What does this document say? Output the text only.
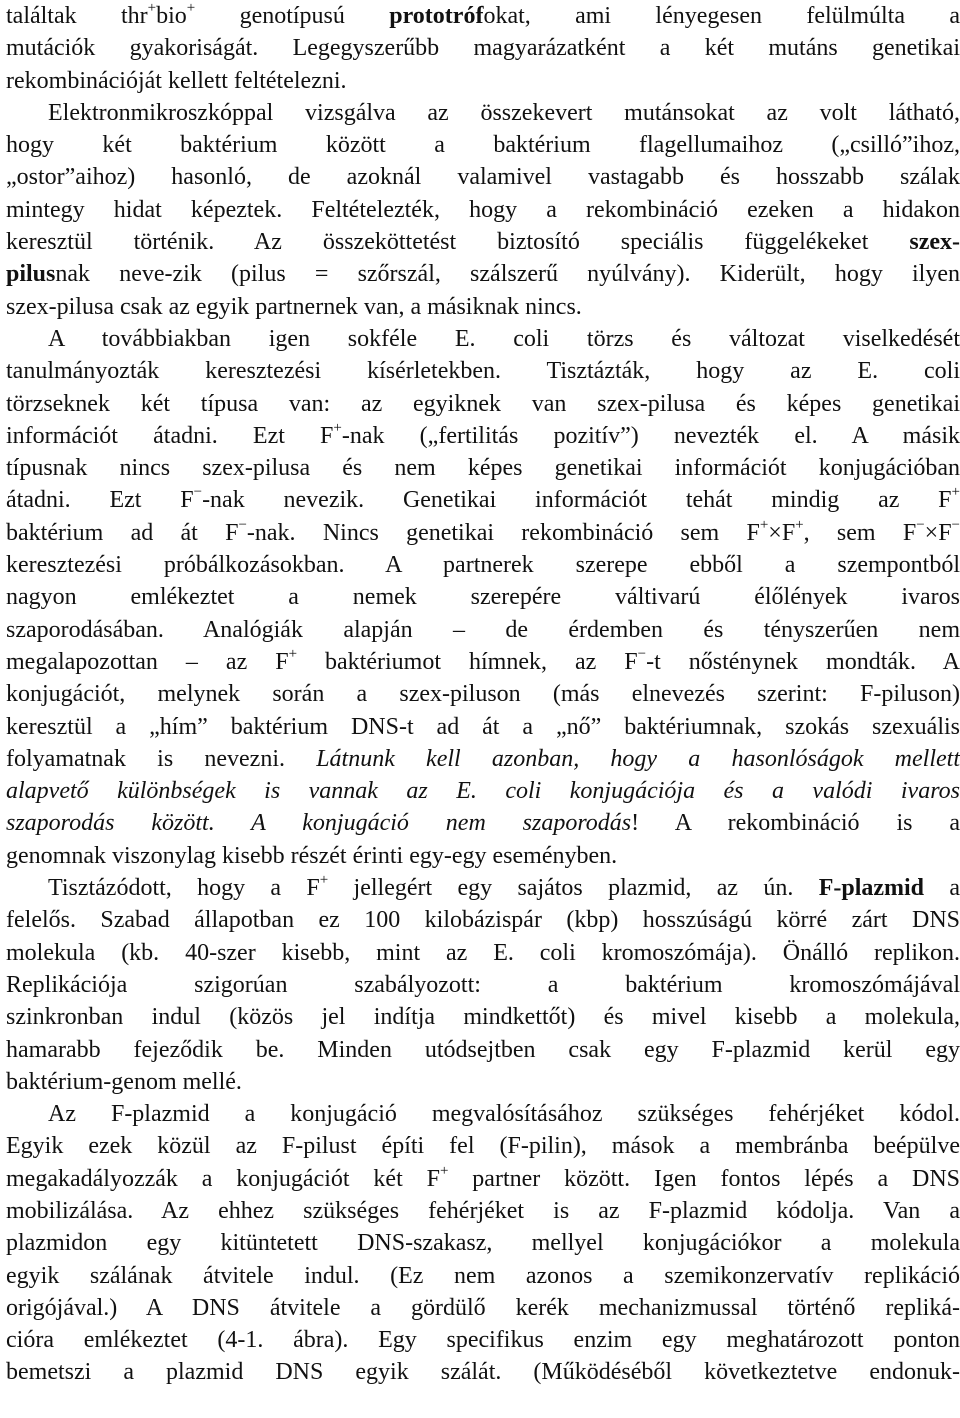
találtak thr+bio+ genotípusú prototrófokat, ami lényegesen felülmúlta a
mutációk gyakoriságát. Legegyszerűbb magyarázatként a két mutáns genetikai
rekombinációját kellett feltételezni.
Elektronmikroszkóppal vizsgálva az összekevert mutánsokat az volt látható,
hogy két baktérium között a baktérium flagellumaihoz („csilló”ihoz,
„ostor”aihoz) hasonló, de azoknál valamivel vastagabb és hosszabb szálak
mintegy hidat képeztek. Feltételezték, hogy a rekombináció ezeken a hidakon
keresztül történik. Az összeköttetést biztosító speciális függelékeket szex-
pilusnak neve-zik (pilus = szőrszál, szálszerű nyúlvány). Kiderült, hogy ilyen
szex-pilusa csak az egyik partnernek van, a másiknak nincs.
A továbbiakban igen sokféle E. coli törzs és változat viselkedését
tanulmányozták keresztezési kísérletekben. Tisztázták, hogy az E. coli
törzseknek két típusa van: az egyiknek van szex-pilusa és képes genetikai
információt átadni. Ezt F+-nak („fertilitás pozitív”) nevezték el. A másik
típusnak nincs szex-pilusa és nem képes genetikai információt konjugációban
átadni. Ezt F−-nak nevezik. Genetikai információt tehát mindig az F+
baktérium ad át F−-nak. Nincs genetikai rekombináció sem F+×F+, sem F−×F−
keresztezési próbálkozásokban. A partnerek szerepe ebből a szempontból
nagyon emlékeztet a nemek szerepére váltivarú élőlények ivaros
szaporodásában. Analógiák alapján – de érdemben és tényszerűen nem
megalapozottan – az F+ baktériumot hímnek, az F−-t nősténynek mondták. A
konjugációt, melynek során a szex-piluson (más elnevezés szerint: F-piluson)
keresztül a „hím” baktérium DNS-t ad át a „nő” baktériumnak, szokás szexuális
folyamatnak is nevezni. Látnunk kell azonban, hogy a hasonlóságok mellett
alapvető különbségek is vannak az E. coli konjugációja és a valódi ivaros
szaporodás között. A konjugáció nem szaporodás! A rekombináció is a
genomnak viszonylag kisebb részét érinti egy-egy eseményben.
Tisztázódott, hogy a F+ jellegért egy sajátos plazmid, az ún. F-plazmid a
felelős. Szabad állapotban ez 100 kilobázispár (kbp) hosszúságú körré zárt DNS
molekula (kb. 40-szer kisebb, mint az E. coli kromoszómája). Önálló replikon.
Replikációja szigorúan szabályozott: a baktérium kromoszómájával
szinkronban indul (közös jel indítja mindkettőt) és mivel kisebb a molekula,
hamarabb fejeződik be. Minden utódsejtben csak egy F-plazmid kerül egy
baktérium-genom mellé.
Az F-plazmid a konjugáció megvalósításához szükséges fehérjéket kódol.
Egyik ezek közül az F-pilust építi fel (F-pilin), mások a membránba beépülve
megakadályozzák a konjugációt két F+ partner között. Igen fontos lépés a DNS
mobilizálása. Az ehhez szükséges fehérjéket is az F-plazmid kódolja. Van a
plazmidon egy kitüntetett DNS-szakasz, mellyel konjugációkor a molekula
egyik szálának átvitele indul. (Ez nem azonos a szemikonzervatív replikáció
origójával.) A DNS átvitele a gördülő kerék mechanizmussal történő repliká-
cióra emlékeztet (4-1. ábra). Egy specifikus enzim egy meghatározott ponton
bemetszi a plazmid DNS egyik szálát. (Működéséből következtetve endonuk-
